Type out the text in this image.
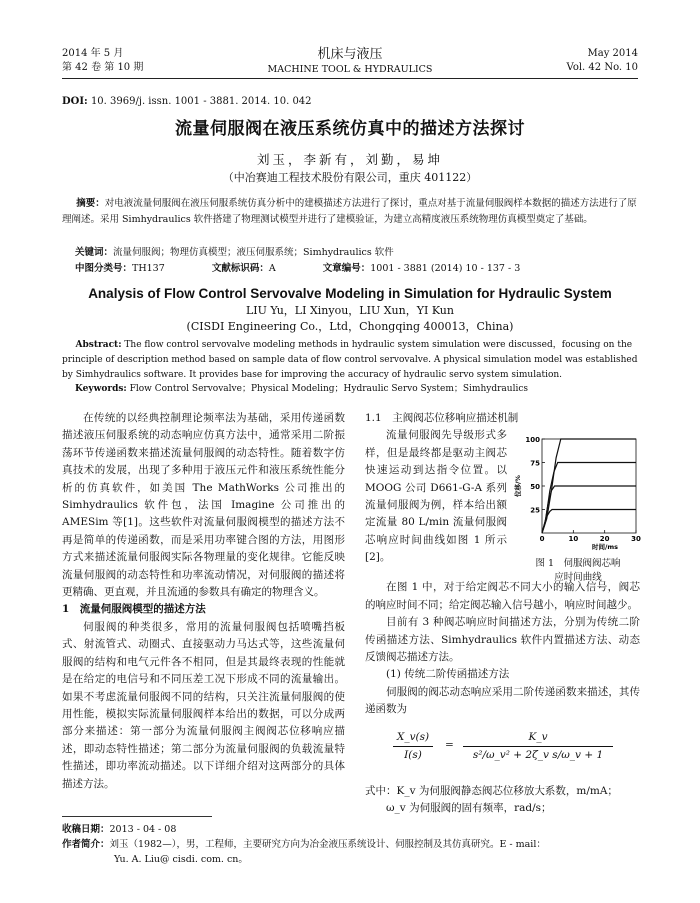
2014 年 5 月
第 42 卷 第 10 期
机床与液压
MACHINE TOOL & HYDRAULICS
May 2014
Vol. 42 No. 10
DOI: 10. 3969/j. issn. 1001 - 3881. 2014. 10. 042
流量伺服阀在液压系统仿真中的描述方法探讨
刘玉，李新有，刘勤，易坤
（中冶赛迪工程技术股份有限公司，重庆 401122）
摘要：对电液流量伺服阀在液压伺服系统仿真分析中的建模描述方法进行了探讨，重点对基于流量伺服阀样本数据的描述方法进行了原理阐述。采用 Simhydraulics 软件搭建了物理测试模型并进行了建模验证，为建立高精度液压系统物理仿真模型奠定了基础。
关键词：流量伺服阀；物理仿真模型；液压伺服系统；Simhydraulics 软件
中图分类号：TH137	文献标识码：A	文章编号：1001 - 3881 (2014) 10 - 137 - 3
Analysis of Flow Control Servovalve Modeling in Simulation for Hydraulic System
LIU Yu，LI Xinyou，LIU Xun，YI Kun
(CISDI Engineering Co.，Ltd，Chongqing 400013，China)
Abstract: The flow control servovalve modeling methods in hydraulic system simulation were discussed，focusing on the principle of description method based on sample data of flow control servovalve. A physical simulation model was established by Simhydraulics software. It provides base for improving the accuracy of hydraulic servo system simulation.
Keywords: Flow Control Servovalve；Physical Modeling；Hydraulic Servo System；Simhydraulics

在传统的以经典控制理论频率法为基础，采用传递函数描述液压伺服系统的动态响应仿真方法中，通常采用二阶振荡环节传递函数来描述流量伺服阀的动态特性。随着数字仿真技术的发展，出现了多种用于液压元件和液压系统性能分析的仿真软件，如美国 The MathWorks 公司推出的 Simhydraulics 软件包，法国 Imagine 公司推出的 AMESim 等[1]。这些软件对流量伺服阀模型的描述方法不再是简单的传递函数，而是采用功率键合图的方法，用图形方式来描述流量伺服阀实际各物理量的变化规律。它能反映流量伺服阀的动态特性和功率流动情况，对伺服阀的描述将更精确、更直观，并且流通的参数具有确定的物理含义。

1　流量伺服阀模型的描述方法

伺服阀的种类很多，常用的流量伺服阀包括喷嘴挡板式、射流管式、动圈式、直接驱动力马达式等，这些流量伺服阀的结构和电气元件各不相同，但是其最终表现的性能就是在给定的电信号和不同压差工况下形成不同的流量输出。如果不考虑流量伺服阀不同的结构，只关注流量伺服阀的使用性能，模拟实际流量伺服阀样本给出的数据，可以分成两部分来描述：第一部分为流量伺服阀主阀阀芯位移响应描述，即动态特性描述；第二部分为流量伺服阀的负载流量特性描述，即功率流动描述。以下详细介绍对这两部分的具体描述方法。

1.1　主阀阀芯位移响应描述机制

流量伺服阀先导级形式多样，但是最终都是驱动主阀芯快速运动到达指令位置。以 MOOG 公司 D661-G-A 系列流量伺服阀为例，样本给出额定流量 80 L/min 流量伺服阀芯响应时间曲线如图 1 所示[2]。

25
50
75
100
0	10	20	30
时间/ms
位移/%
图 1　伺服阀阀芯响
应时间曲线

在图 1 中，对于给定阀芯不同大小的输入信号，阀芯的响应时间不同；给定阀芯输入信号越小，响应时间越少。

目前有 3 种阀芯响应时间描述方法，分别为传统二阶传函描述方法、Simhydraulics 软件内置描述方法、动态反馈阀芯描述方法。

(1) 传统二阶传函描述方法

伺服阀的阀芯动态响应采用二阶传递函数来描述，其传递函数为

$\frac{X\_v(s)}{I(s)} = \frac{K\_v}{\text{s²/ω\_v² + 2ζ\_v s/ω\_v + 1}}$

式中：K_v 为伺服阀静态阀芯位移放大系数，m/mA；

ω_v 为伺服阀的固有频率，rad/s；

收稿日期：2013 - 04 - 08
作者简介：刘玉（1982—），男，工程师，主要研究方向为冶金液压系统设计、伺服控制及其仿真研究。E - mail：
Yu. A. Liu@ cisdi. com. cn。
